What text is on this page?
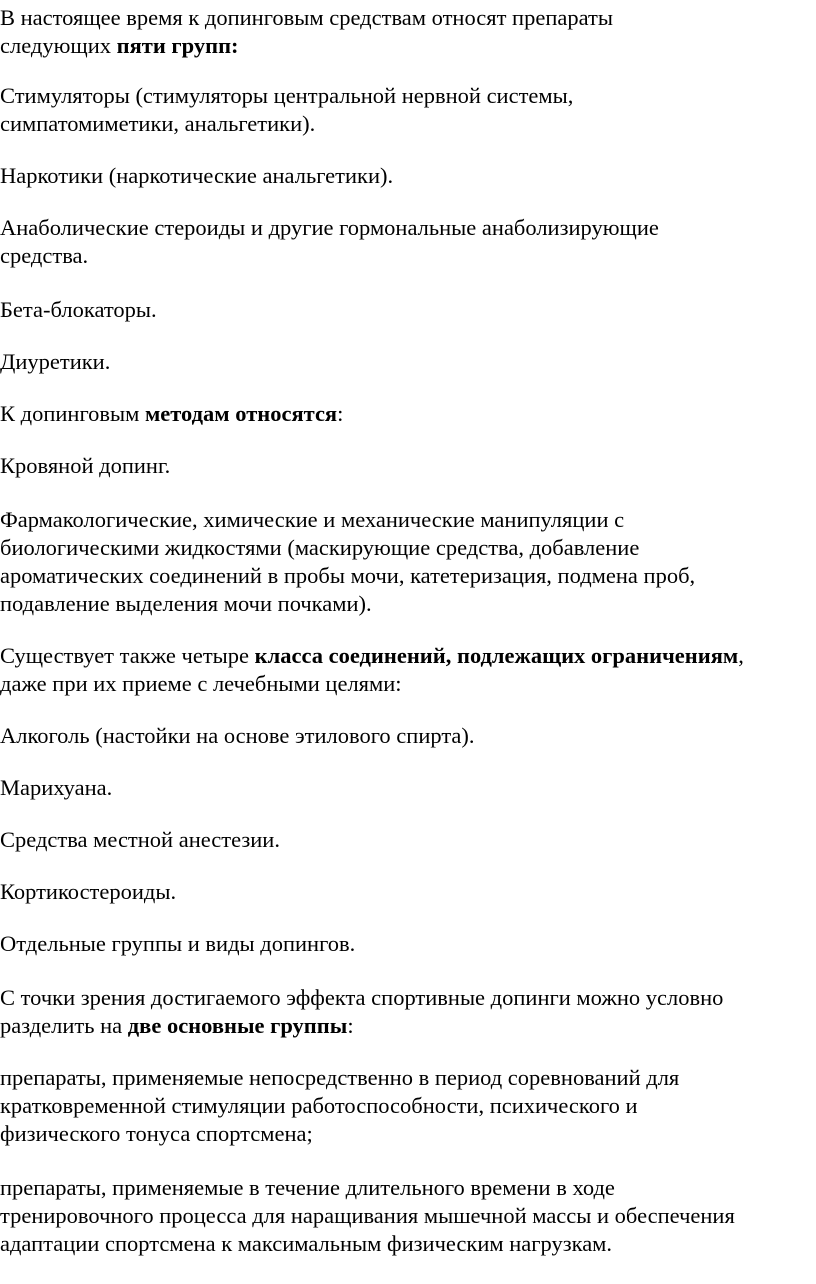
В настоящее время к допинговым средствам относят препараты
следующих пяти групп:

Стимуляторы (стимуляторы центральной нервной системы,
симпатомиметики, анальгетики).

Наркотики (наркотические анальгетики).

Анаболические стероиды и другие гормональные анаболизирующие
средства.

Бета-блокаторы.

Диуретики.

К допинговым методам относятся:

Кровяной допинг.

Фармакологические, химические и механические манипуляции с
биологическими жидкостями (маскирующие средства, добавление
ароматических соединений в пробы мочи, катетеризация, подмена проб,
подавление выделения мочи почками).

Существует также четыре класса соединений, подлежащих ограничениям,
даже при их приеме с лечебными целями:

Алкоголь (настойки на основе этилового спирта).

Марихуана.

Средства местной анестезии.

Кортикостероиды.

Отдельные группы и виды допингов.

С точки зрения достигаемого эффекта спортивные допинги можно условно
разделить на две основные группы:

препараты, применяемые непосредственно в период соревнований для
кратковременной стимуляции работоспособности, психического и
физического тонуса спортсмена;

препараты, применяемые в течение длительного времени в ходе
тренировочного процесса для наращивания мышечной массы и обеспечения
адаптации спортсмена к максимальным физическим нагрузкам.
